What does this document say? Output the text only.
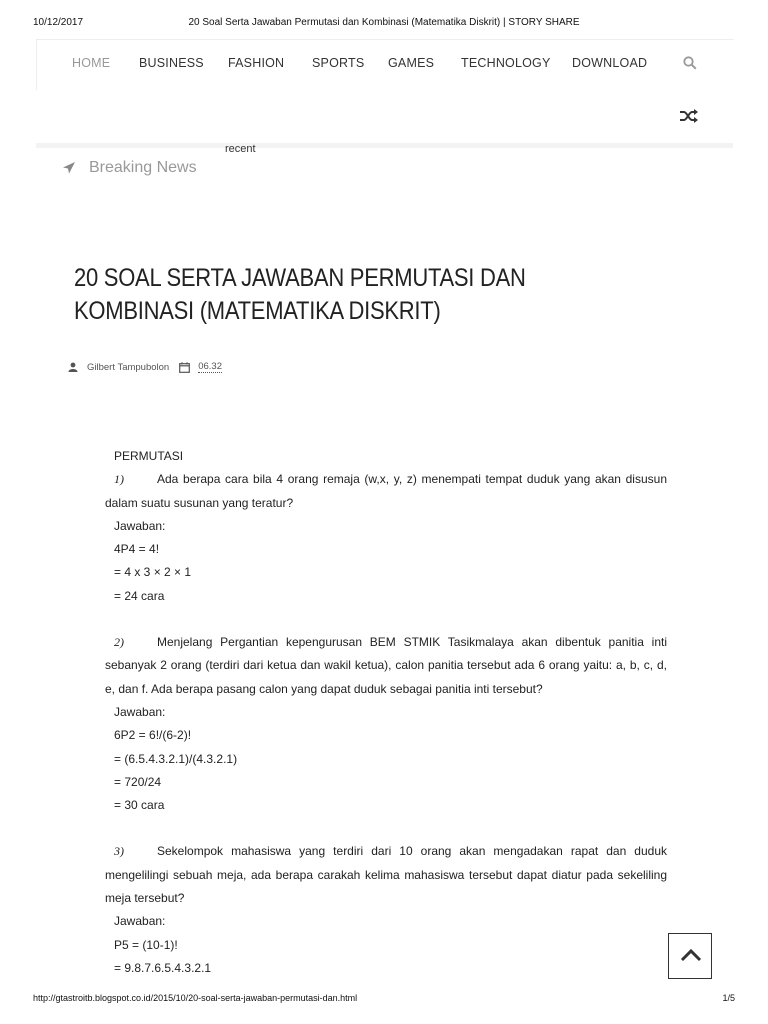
10/12/2017	20 Soal Serta Jawaban Permutasi dan Kombinasi (Matematika Diskrit) | STORY SHARE
HOME BUSINESS FASHION SPORTS GAMES TECHNOLOGY DOWNLOAD
recent
Breaking News
20 SOAL SERTA JAWABAN PERMUTASI DAN KOMBINASI (MATEMATIKA DISKRIT)
Gilbert Tampubolon	06.32

PERMUTASI

1)	Ada berapa cara bila 4 orang remaja (w,x, y, z) menempati tempat duduk yang akan disusun dalam suatu susunan yang teratur?

Jawaban:

4P4 = 4!

= 4 x 3 × 2 × 1

= 24 cara

2)	Menjelang Pergantian kepengurusan BEM STMIK Tasikmalaya akan dibentuk panitia inti sebanyak 2 orang (terdiri dari ketua dan wakil ketua), calon panitia tersebut ada 6 orang yaitu: a, b, c, d, e, dan f. Ada berapa pasang calon yang dapat duduk sebagai panitia inti tersebut?

Jawaban:

6P2 = 6!/(6-2)!

= (6.5.4.3.2.1)/(4.3.2.1)

= 720/24

= 30 cara

3)	Sekelompok mahasiswa yang terdiri dari 10 orang akan mengadakan rapat dan duduk mengelilingi sebuah meja, ada berapa carakah kelima mahasiswa tersebut dapat diatur pada sekeliling meja tersebut?

Jawaban:

P5 = (10-1)!

= 9.8.7.6.5.4.3.2.1

http://gtastroitb.blogspot.co.id/2015/10/20-soal-serta-jawaban-permutasi-dan.html	1/5
